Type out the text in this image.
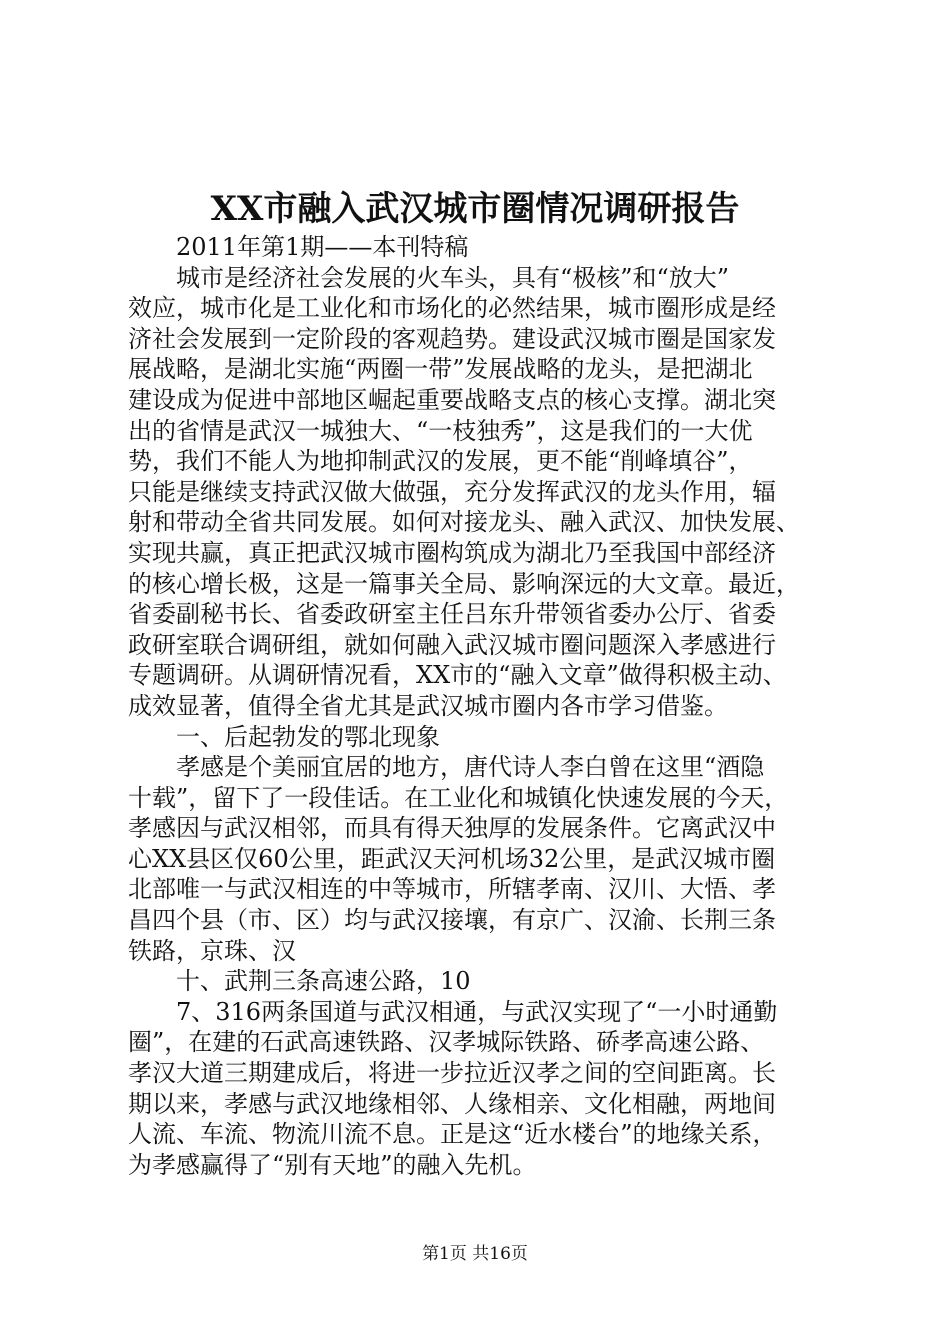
XX市融入武汉城市圈情况调研报告
2011年第1期——本刊特稿
城市是经济社会发展的火车头，具有“极核”和“放大”
效应，城市化是工业化和市场化的必然结果，城市圈形成是经
济社会发展到一定阶段的客观趋势。建设武汉城市圈是国家发
展战略，是湖北实施“两圈一带”发展战略的龙头，是把湖北
建设成为促进中部地区崛起重要战略支点的核心支撑。湖北突
出的省情是武汉一城独大、“一枝独秀”，这是我们的一大优
势，我们不能人为地抑制武汉的发展，更不能“削峰填谷”，
只能是继续支持武汉做大做强，充分发挥武汉的龙头作用，辐
射和带动全省共同发展。如何对接龙头、融入武汉、加快发展、
实现共赢，真正把武汉城市圈构筑成为湖北乃至我国中部经济
的核心增长极，这是一篇事关全局、影响深远的大文章。最近，
省委副秘书长、省委政研室主任吕东升带领省委办公厅、省委
政研室联合调研组，就如何融入武汉城市圈问题深入孝感进行
专题调研。从调研情况看，XX市的“融入文章”做得积极主动、
成效显著，值得全省尤其是武汉城市圈内各市学习借鉴。
一、后起勃发的鄂北现象
孝感是个美丽宜居的地方，唐代诗人李白曾在这里“酒隐
十载”，留下了一段佳话。在工业化和城镇化快速发展的今天，
孝感因与武汉相邻，而具有得天独厚的发展条件。它离武汉中
心XX县区仅60公里，距武汉天河机场32公里，是武汉城市圈
北部唯一与武汉相连的中等城市，所辖孝南、汉川、大悟、孝
昌四个县（市、区）均与武汉接壤，有京广、汉渝、长荆三条
铁路，京珠、汉
十、武荆三条高速公路，10
7、316两条国道与武汉相通，与武汉实现了“一小时通勤
圈”，在建的石武高速铁路、汉孝城际铁路、硚孝高速公路、
孝汉大道三期建成后，将进一步拉近汉孝之间的空间距离。长
期以来，孝感与武汉地缘相邻、人缘相亲、文化相融，两地间
人流、车流、物流川流不息。正是这“近水楼台”的地缘关系，
为孝感赢得了“别有天地”的融入先机。
第1页 共16页
